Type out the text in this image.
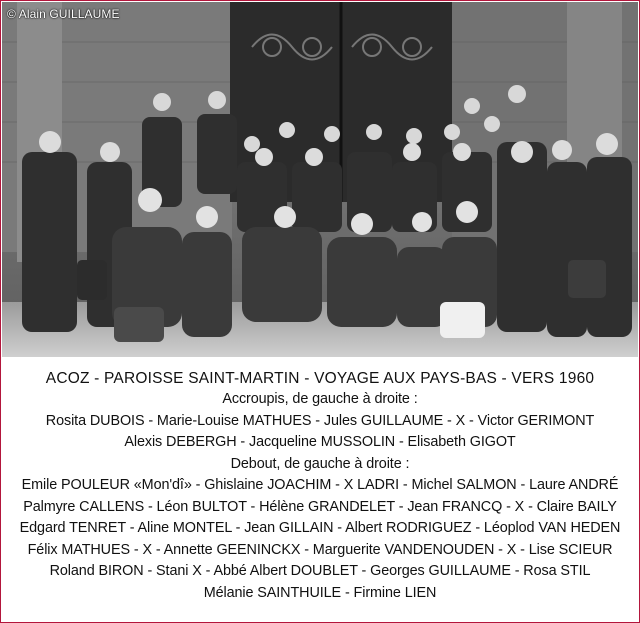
© Alain GUILLAUME
ACOZ - PAROISSE SAINT-MARTIN - VOYAGE AUX PAYS-BAS - VERS 1960
Accroupis, de gauche à droite :
Rosita DUBOIS - Marie-Louise MATHUES - Jules GUILLAUME - X - Victor GERIMONT
Alexis DEBERGH - Jacqueline MUSSOLIN - Elisabeth GIGOT
Debout, de gauche à droite :
Emile POULEUR «Mon'dî» - Ghislaine JOACHIM - X LADRI - Michel SALMON - Laure ANDRÉ
Palmyre CALLENS - Léon BULTOT - Hélène GRANDELET - Jean FRANCQ - X - Claire BAILY
Edgard TENRET - Aline MONTEL - Jean GILLAIN - Albert RODRIGUEZ - Léoplod VAN HEDEN
Félix MATHUES - X - Annette GEENINCKX - Marguerite VANDENOUDEN - X - Lise SCIEUR
Roland BIRON - Stani X - Abbé Albert DOUBLET - Georges GUILLAUME - Rosa STIL
Mélanie SAINTHUILE - Firmine LIEN
